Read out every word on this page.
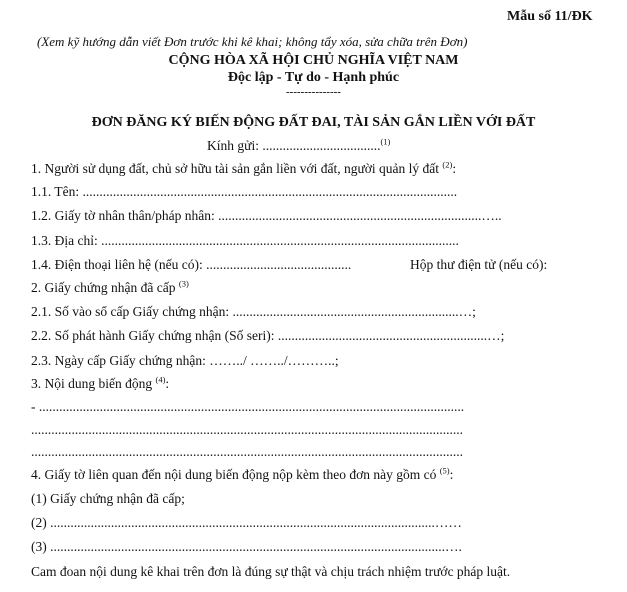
Mẫu số 11/ĐK
(Xem kỹ hướng dẫn viết Đơn trước khi kê khai; không tẩy xóa, sửa chữa trên Đơn)
CỘNG HÒA XÃ HỘI CHỦ NGHĨA VIỆT NAM
Độc lập - Tự do - Hạnh phúc
---------------
ĐƠN ĐĂNG KÝ BIẾN ĐỘNG ĐẤT ĐAI, TÀI SẢN GẮN LIỀN VỚI ĐẤT
Kính gửi: ...................................$^{(1)}$
1. Người sử dụng đất, chủ sở hữu tài sản gắn liền với đất, người quản lý đất $^{(2)}$:
1.1. Tên: ...............................................................................................................
1.2. Giấy tờ nhân thân/pháp nhân: ..............................................................................…..
1.3. Địa chỉ: ..........................................................................................................
1.4. Điện thoại liên hệ (nếu có): ...........................................	Hộp thư điện tử (nếu có):
2. Giấy chứng nhận đã cấp $^{(3)}$
2.1. Số vào sổ cấp Giấy chứng nhận: ...................................................................…;
2.2. Số phát hành Giấy chứng nhận (Số seri): ..............................................................…;
2.3. Ngày cấp Giấy chứng nhận: ……../ ……../………..;
3. Nội dung biến động $^{(4)}$:
- ..............................................................................................................................
................................................................................................................................
................................................................................................................................
4. Giấy tờ liên quan đến nội dung biến động nộp kèm theo đơn này gồm có $^{(5)}$:
(1) Giấy chứng nhận đã cấp;
(2) ..................................................................................................................……
(3) .....................................................................................................................….
Cam đoan nội dung kê khai trên đơn là đúng sự thật và chịu trách nhiệm trước pháp luật.
